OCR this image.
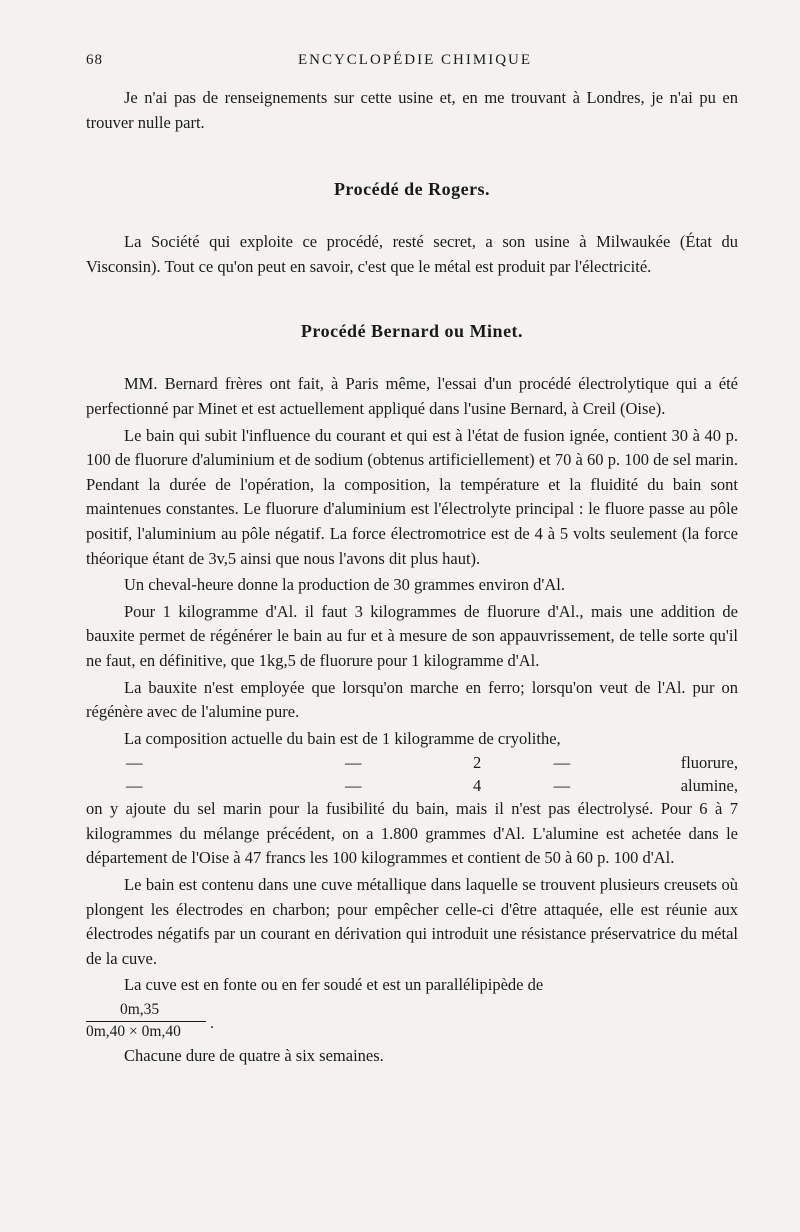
68	ENCYCLOPÉDIE CHIMIQUE

Je n'ai pas de renseignements sur cette usine et, en me trouvant à Londres, je n'ai pu en trouver nulle part.

Procédé de Rogers.

La Société qui exploite ce procédé, resté secret, a son usine à Milwaukée (État du Visconsin). Tout ce qu'on peut en savoir, c'est que le métal est produit par l'électricité.

Procédé Bernard ou Minet.

MM. Bernard frères ont fait, à Paris même, l'essai d'un procédé électrolytique qui a été perfectionné par Minet et est actuellement appliqué dans l'usine Bernard, à Creil (Oise).

Le bain qui subit l'influence du courant et qui est à l'état de fusion ignée, contient 30 à 40 p. 100 de fluorure d'aluminium et de sodium (obtenus artificiellement) et 70 à 60 p. 100 de sel marin. Pendant la durée de l'opération, la composition, la température et la fluidité du bain sont maintenues constantes. Le fluorure d'aluminium est l'électrolyte principal : le fluore passe au pôle positif, l'aluminium au pôle négatif. La force électromotrice est de 4 à 5 volts seulement (la force théorique étant de 3v,5 ainsi que nous l'avons dit plus haut).

Un cheval-heure donne la production de 30 grammes environ d'Al.

Pour 1 kilogramme d'Al. il faut 3 kilogrammes de fluorure d'Al., mais une addition de bauxite permet de régénérer le bain au fur et à mesure de son appauvrissement, de telle sorte qu'il ne faut, en définitive, que 1kg,5 de fluorure pour 1 kilogramme d'Al.

La bauxite n'est employée que lorsqu'on marche en ferro; lorsqu'on veut de l'Al. pur on régénère avec de l'alumine pure.

La composition actuelle du bain est de 1 kilogramme de cryolithe,

—	—	2	—	fluorure,
—	—	4	—	alumine,

on y ajoute du sel marin pour la fusibilité du bain, mais il n'est pas électrolysé. Pour 6 à 7 kilogrammes du mélange précédent, on a 1.800 grammes d'Al. L'alumine est achetée dans le département de l'Oise à 47 francs les 100 kilogrammes et contient de 50 à 60 p. 100 d'Al.

Le bain est contenu dans une cuve métallique dans laquelle se trouvent plusieurs creusets où plongent les électrodes en charbon; pour empêcher celle-ci d'être attaquée, elle est réunie aux électrodes négatifs par un courant en dérivation qui introduit une résistance préservatrice du métal de la cuve.

La cuve est en fonte ou en fer soudé et est un parallélipipède de

0m,35
0m,40 × 0m,40 .

Chacune dure de quatre à six semaines.
